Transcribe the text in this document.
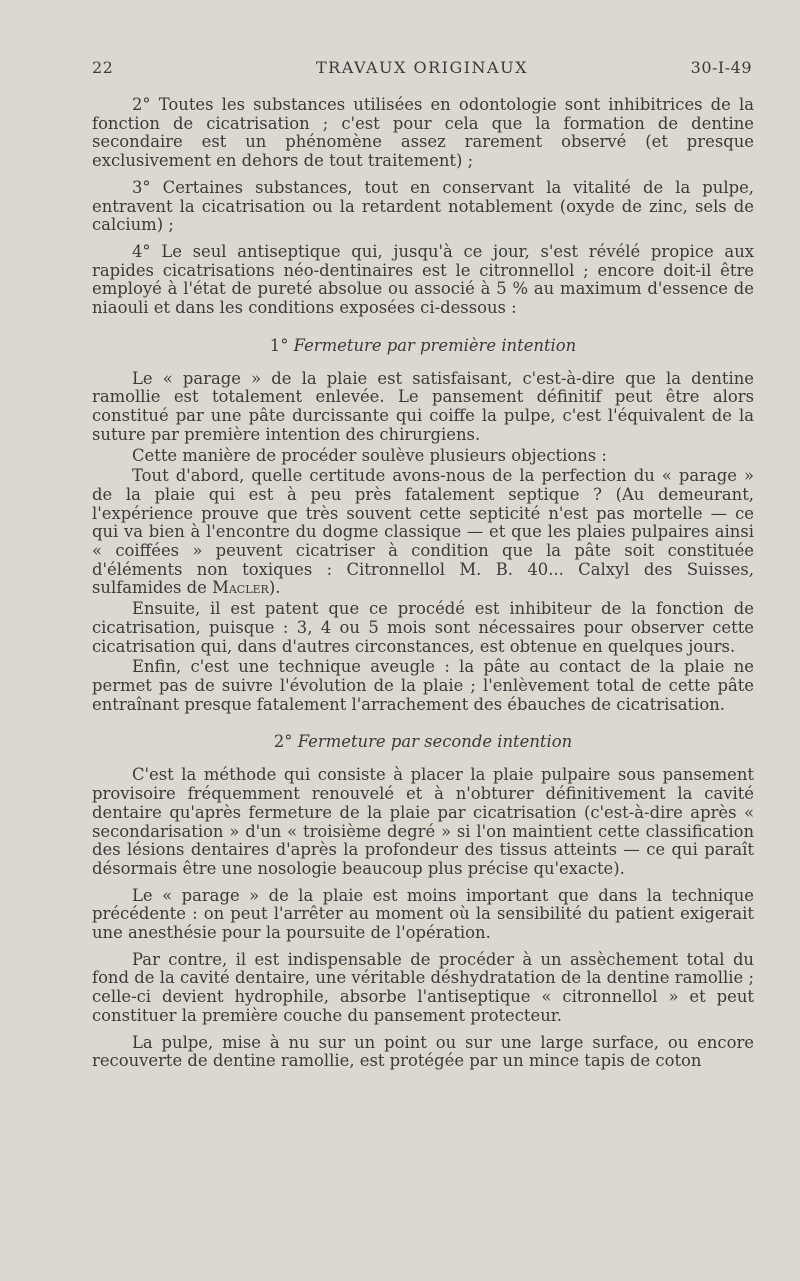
22	TRAVAUX ORIGINAUX	30-I-49

2° Toutes les substances utilisées en odontologie sont inhibitrices de la fonction de cicatrisation ; c'est pour cela que la formation de dentine secondaire est un phénomène assez rarement observé (et presque exclusivement en dehors de tout traitement) ;

3° Certaines substances, tout en conservant la vitalité de la pulpe, entravent la cicatrisation ou la retardent notablement (oxyde de zinc, sels de calcium) ;

4° Le seul antiseptique qui, jusqu'à ce jour, s'est révélé propice aux rapides cicatrisations néo-dentinaires est le citronnellol ; encore doit-il être employé à l'état de pureté absolue ou associé à 5 % au maximum d'essence de niaouli et dans les conditions exposées ci-dessous :

1° Fermeture par première intention

Le « parage » de la plaie est satisfaisant, c'est-à-dire que la dentine ramollie est totalement enlevée. Le pansement définitif peut être alors constitué par une pâte durcissante qui coiffe la pulpe, c'est l'équivalent de la suture par première intention des chirurgiens.

Cette manière de procéder soulève plusieurs objections :

Tout d'abord, quelle certitude avons-nous de la perfection du « parage » de la plaie qui est à peu près fatalement septique ? (Au demeurant, l'expérience prouve que très souvent cette septicité n'est pas mortelle — ce qui va bien à l'encontre du dogme classique — et que les plaies pulpaires ainsi « coiffées » peuvent cicatriser à condition que la pâte soit constituée d'éléments non toxiques : Citronnellol M. B. 40... Calxyl des Suisses, sulfamides de Macler).

Ensuite, il est patent que ce procédé est inhibiteur de la fonction de cicatrisation, puisque : 3, 4 ou 5 mois sont nécessaires pour observer cette cicatrisation qui, dans d'autres circonstances, est obtenue en quelques jours.

Enfin, c'est une technique aveugle : la pâte au contact de la plaie ne permet pas de suivre l'évolution de la plaie ; l'enlèvement total de cette pâte entraînant presque fatalement l'arrachement des ébauches de cicatrisation.

2° Fermeture par seconde intention

C'est la méthode qui consiste à placer la plaie pulpaire sous pansement provisoire fréquemment renouvelé et à n'obturer définitivement la cavité dentaire qu'après fermeture de la plaie par cicatrisation (c'est-à-dire après « secondarisation » d'un « troisième degré » si l'on maintient cette classification des lésions dentaires d'après la profondeur des tissus atteints — ce qui paraît désormais être une nosologie beaucoup plus précise qu'exacte).

Le « parage » de la plaie est moins important que dans la technique précédente : on peut l'arrêter au moment où la sensibilité du patient exigerait une anesthésie pour la poursuite de l'opération.

Par contre, il est indispensable de procéder à un assèchement total du fond de la cavité dentaire, une véritable déshydratation de la dentine ramollie ; celle-ci devient hydrophile, absorbe l'antiseptique « citronnellol » et peut constituer la première couche du pansement protecteur.

La pulpe, mise à nu sur un point ou sur une large surface, ou encore recouverte de dentine ramollie, est protégée par un mince tapis de coton
